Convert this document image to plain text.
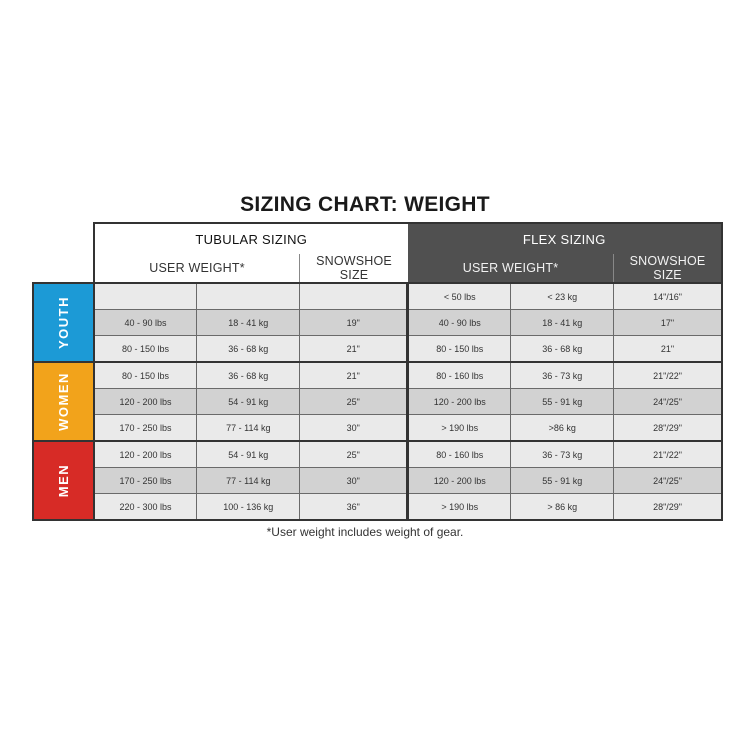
SIZING CHART: WEIGHT
	TUBULAR SIZING			FLEX SIZING		
	USER WEIGHT*		SNOWSHOE SIZE	USER WEIGHT*		SNOWSHOE SIZE
YOUTH				< 50 lbs	< 23 kg	14"/16"
	40 - 90 lbs	18 - 41 kg	19"	40 - 90 lbs	18 - 41 kg	17"
	80 - 150 lbs	36 - 68 kg	21"	80 - 150 lbs	36 - 68 kg	21"
WOMEN	80 - 150 lbs	36 - 68 kg	21"	80 - 160 lbs	36 - 73 kg	21"/22"
	120 - 200 lbs	54 - 91 kg	25"	120 - 200 lbs	55 - 91 kg	24"/25"
	170 - 250 lbs	77 - 114 kg	30"	> 190 lbs	>86 kg	28"/29"
MEN	120 - 200 lbs	54 - 91 kg	25"	80 - 160 lbs	36 - 73 kg	21"/22"
	170 - 250 lbs	77 - 114 kg	30"	120 - 200 lbs	55 - 91 kg	24"/25"
	220 - 300 lbs	100 - 136 kg	36"	> 190 lbs	> 86 kg	28"/29"
*User weight includes weight of gear.
